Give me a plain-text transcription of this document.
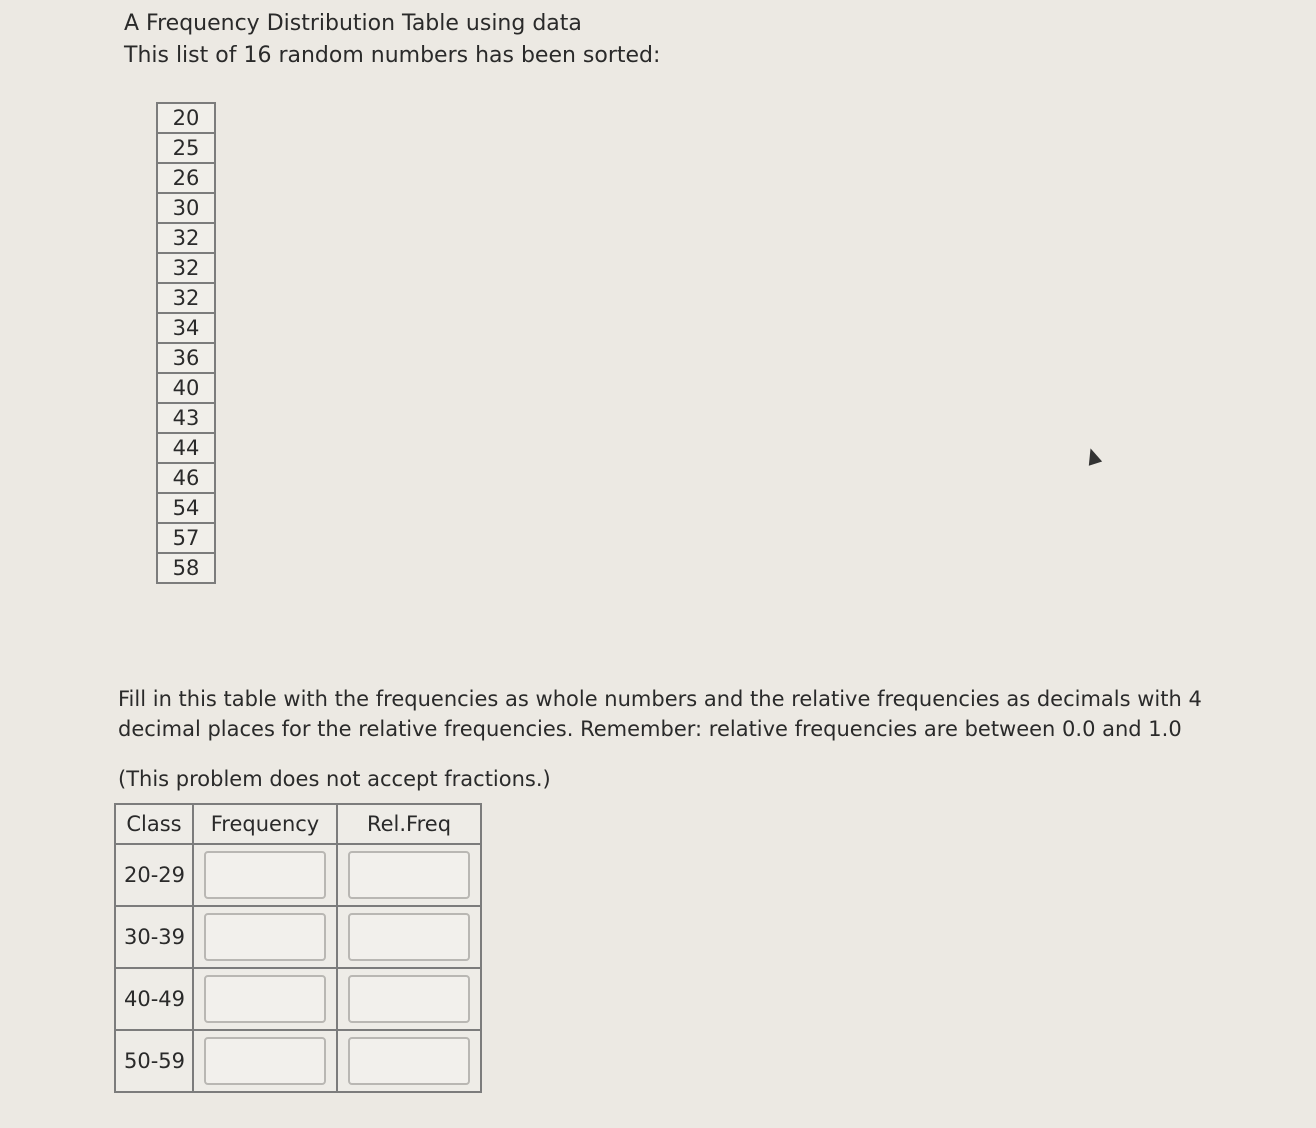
A Frequency Distribution Table using data
This list of 16 random numbers has been sorted:
20
25
26
30
32
32
32
34
36
40
43
44
46
54
57
58
Fill in this table with the frequencies as whole numbers and the relative frequencies as decimals with 4 decimal places for the relative frequencies. Remember: relative frequencies are between 0.0 and 1.0
(This problem does not accept fractions.)
Class	Frequency	Rel.Freq
20-29		
30-39		
40-49		
50-59		
